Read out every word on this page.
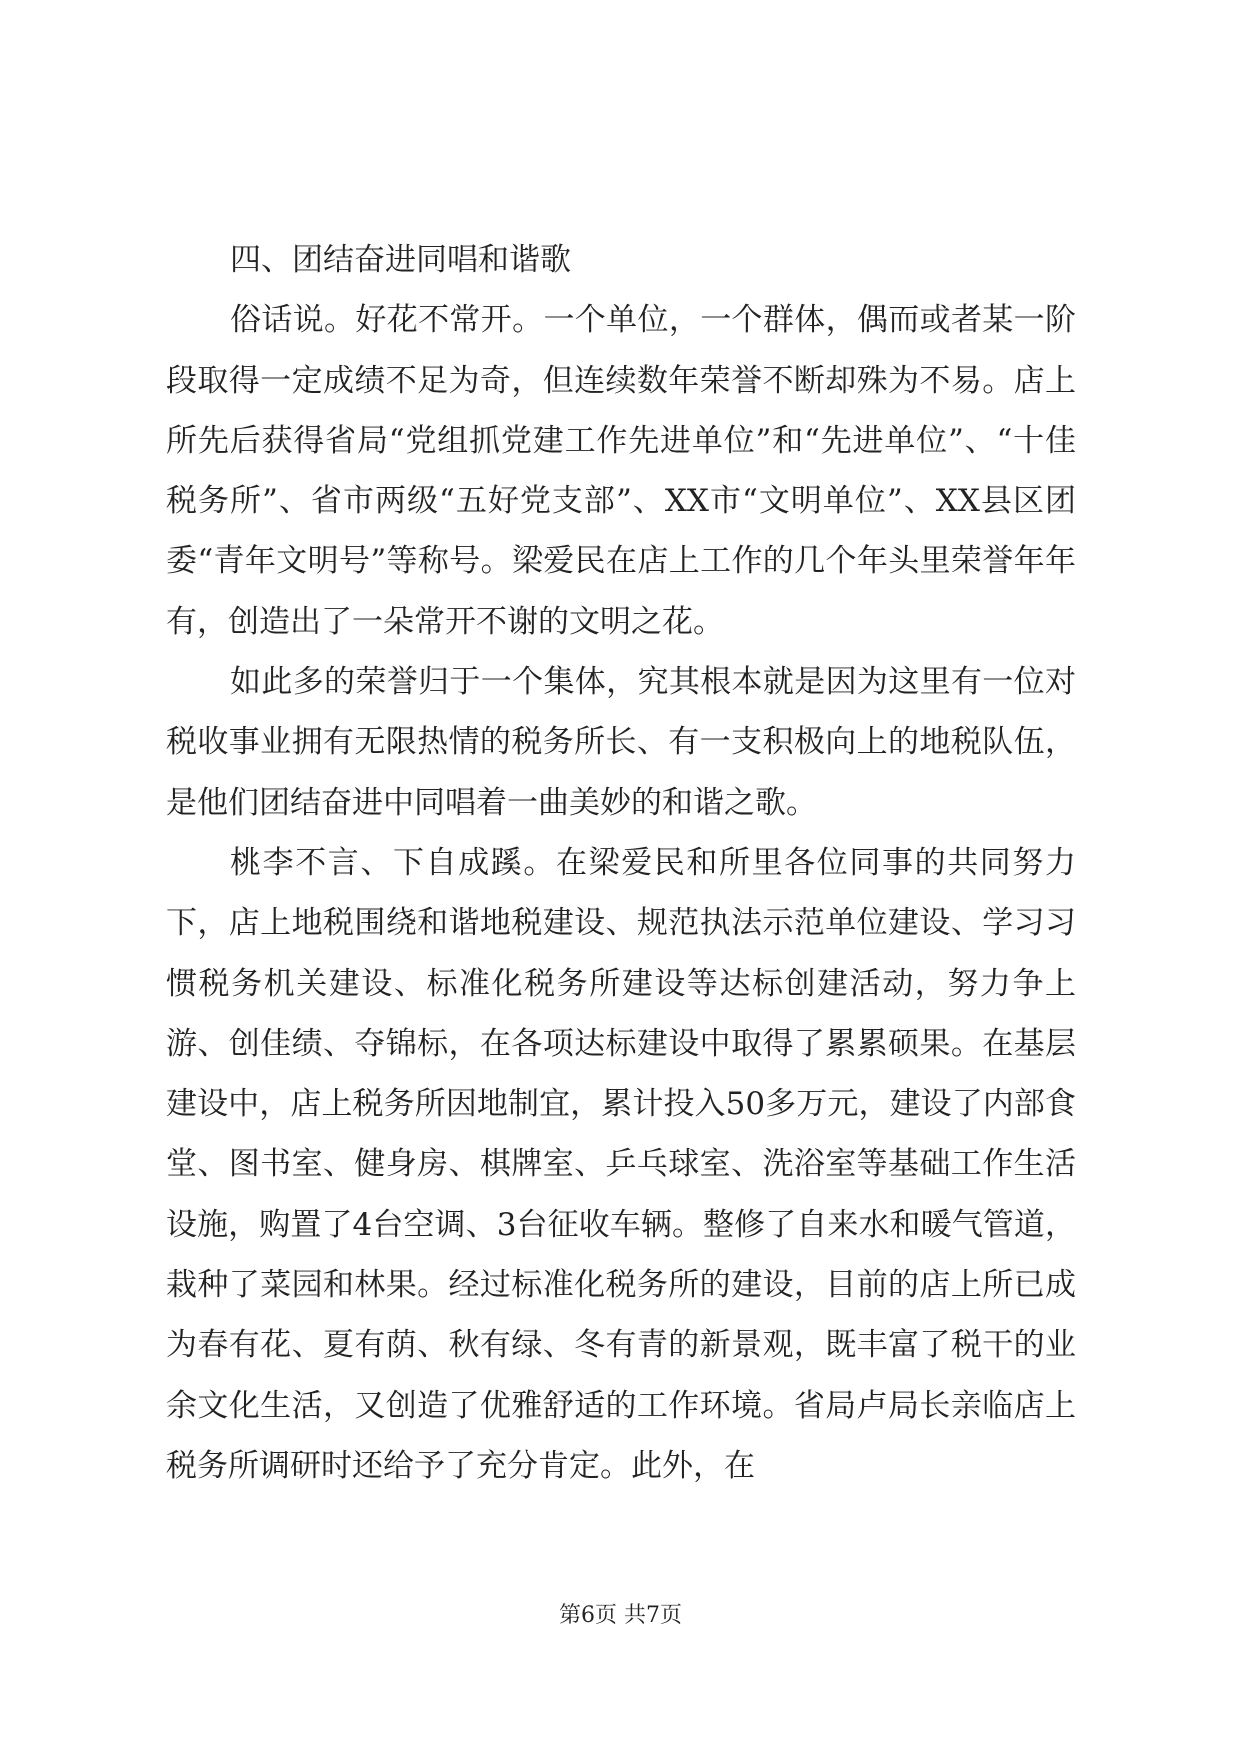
四、团结奋进同唱和谐歌

俗话说。好花不常开。一个单位，一个群体，偶而或者某一阶段取得一定成绩不足为奇，但连续数年荣誉不断却殊为不易。店上所先后获得省局“党组抓党建工作先进单位”和“先进单位”、“十佳税务所”、省市两级“五好党支部”、XX市“文明单位”、XX县区团委“青年文明号”等称号。梁爱民在店上工作的几个年头里荣誉年年有，创造出了一朵常开不谢的文明之花。

如此多的荣誉归于一个集体，究其根本就是因为这里有一位对税收事业拥有无限热情的税务所长、有一支积极向上的地税队伍，是他们团结奋进中同唱着一曲美妙的和谐之歌。

桃李不言、下自成蹊。在梁爱民和所里各位同事的共同努力下，店上地税围绕和谐地税建设、规范执法示范单位建设、学习习惯税务机关建设、标准化税务所建设等达标创建活动，努力争上游、创佳绩、夺锦标，在各项达标建设中取得了累累硕果。在基层建设中，店上税务所因地制宜，累计投入50多万元，建设了内部食堂、图书室、健身房、棋牌室、乒乓球室、洗浴室等基础工作生活设施，购置了4台空调、3台征收车辆。整修了自来水和暖气管道，栽种了菜园和林果。经过标准化税务所的建设，目前的店上所已成为春有花、夏有荫、秋有绿、冬有青的新景观，既丰富了税干的业余文化生活，又创造了优雅舒适的工作环境。省局卢局长亲临店上税务所调研时还给予了充分肯定。此外，在

第6页 共7页
